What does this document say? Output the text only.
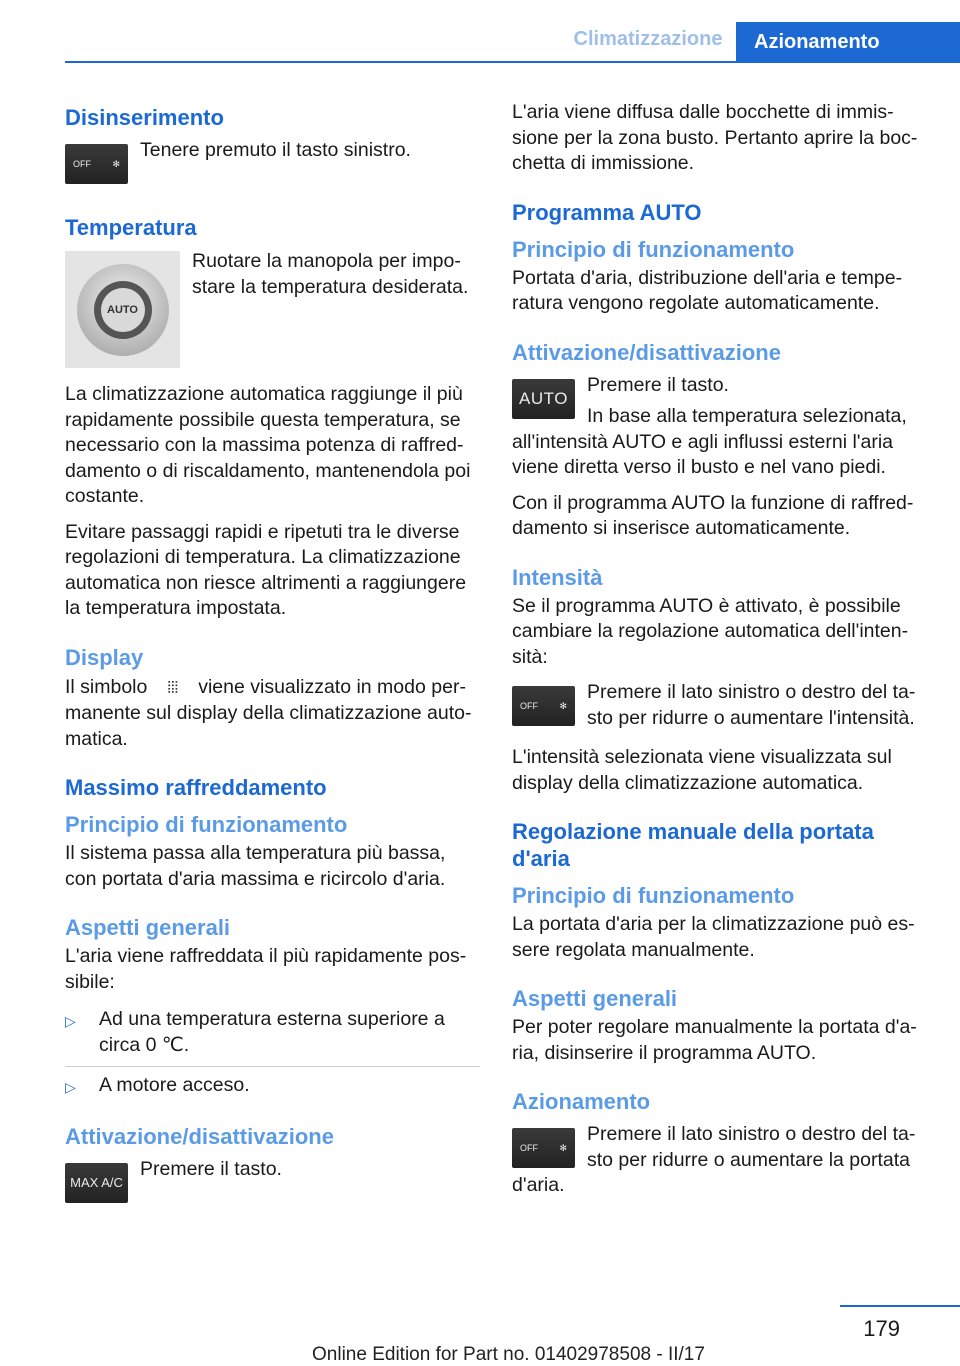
Climatizzazione	Azionamento
Disinserimento
OFF ✻

Tenere premuto il tasto sinistro.

Temperatura
AUTO

Ruotare la manopola per impo-stare la temperatura desiderata.

La climatizzazione automatica raggiunge il più rapidamente possibile questa temperatura, se necessario con la massima potenza di raffred-damento o di riscaldamento, mantenendola poi costante.

Evitare passaggi rapidi e ripetuti tra le diverse regolazioni di temperatura. La climatizzazione automatica non riesce altrimenti a raggiungere la temperatura impostata.

Display

Il simbolo ⦙⦙⦙ viene visualizzato in modo per-manente sul display della climatizzazione auto-matica.

Massimo raffreddamento
Principio di funzionamento

Il sistema passa alla temperatura più bassa, con portata d'aria massima e ricircolo d'aria.

Aspetti generali

L'aria viene raffreddata il più rapidamente pos-sibile:

▷	Ad una temperatura esterna superiore a circa 0 ℃.
▷	A motore acceso.
Attivazione/disattivazione
MAX A/C

Premere il tasto.

L'aria viene diffusa dalle bocchette di immis-sione per la zona busto. Pertanto aprire la boc-chetta di immissione.

Programma AUTO
Principio di funzionamento

Portata d'aria, distribuzione dell'aria e tempe-ratura vengono regolate automaticamente.

Attivazione/disattivazione
AUTO

Premere il tasto.

In base alla temperatura selezionata,

all'intensità AUTO e agli influssi esterni l'aria viene diretta verso il busto e nel vano piedi.

Con il programma AUTO la funzione di raffred-damento si inserisce automaticamente.

Intensità

Se il programma AUTO è attivato, è possibile cambiare la regolazione automatica dell'inten-sità:

OFF ✻

Premere il lato sinistro o destro del ta-sto per ridurre o aumentare l'intensità.

L'intensità selezionata viene visualizzata sul display della climatizzazione automatica.

Regolazione manuale della portata d'aria
Principio di funzionamento

La portata d'aria per la climatizzazione può es-sere regolata manualmente.

Aspetti generali

Per poter regolare manualmente la portata d'a-ria, disinserire il programma AUTO.

Azionamento
OFF ✻

Premere il lato sinistro o destro del ta-sto per ridurre o aumentare la portata

d'aria.

179
Online Edition for Part no. 01402978508 - II/17
